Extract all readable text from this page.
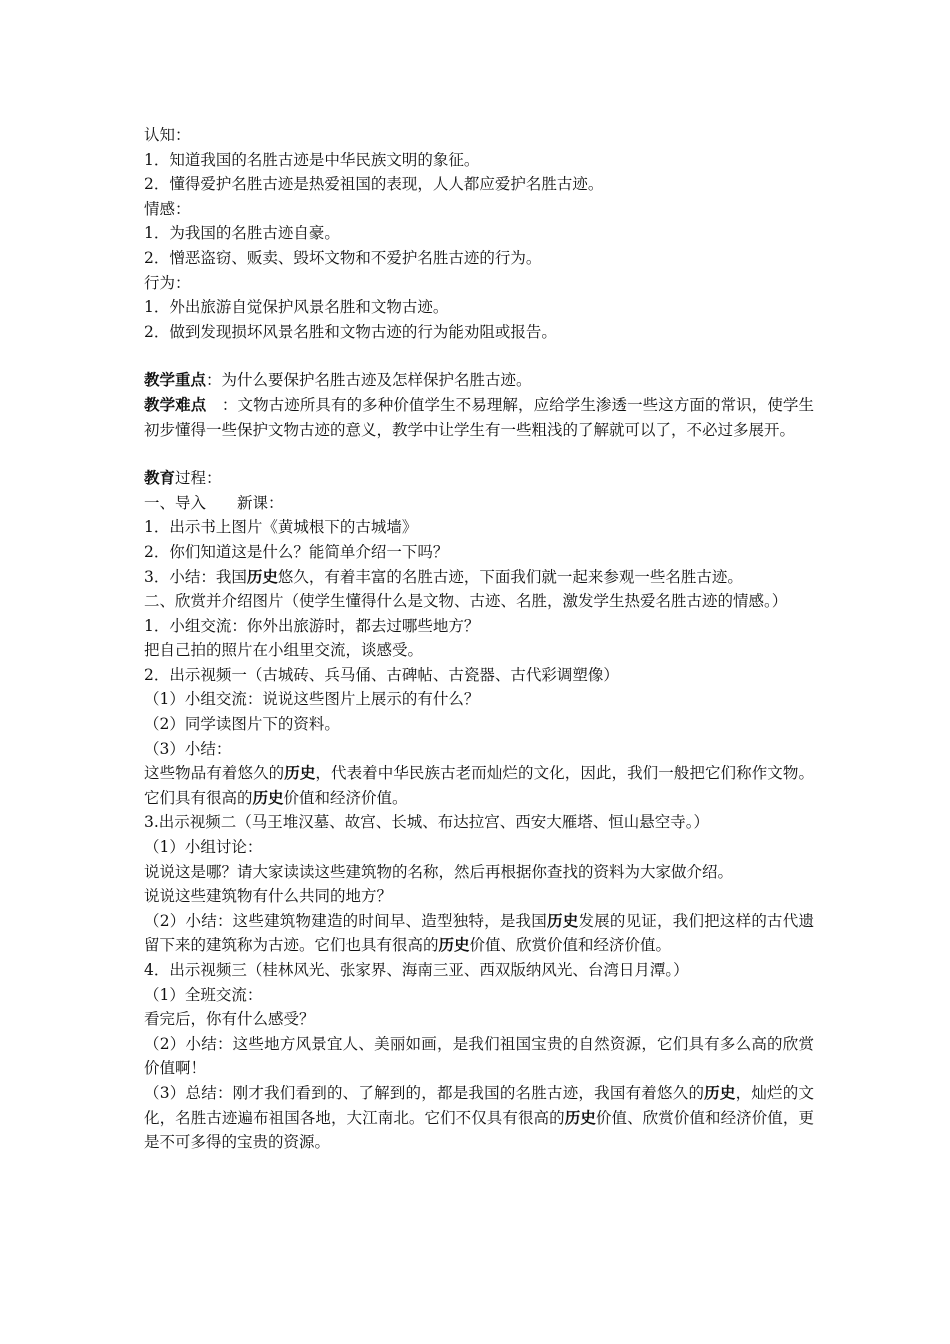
认知：
1．知道我国的名胜古迹是中华民族文明的象征。
2．懂得爱护名胜古迹是热爱祖国的表现，人人都应爱护名胜古迹。
情感：
1．为我国的名胜古迹自豪。
2．憎恶盗窃、贩卖、毁坏文物和不爱护名胜古迹的行为。
行为：
1．外出旅游自觉保护风景名胜和文物古迹。
2．做到发现损坏风景名胜和文物古迹的行为能劝阻或报告。
教学重点：为什么要保护名胜古迹及怎样保护名胜古迹。
教学难点　：文物古迹所具有的多种价值学生不易理解，应给学生渗透一些这方面的常识，使学生初步懂得一些保护文物古迹的意义，教学中让学生有一些粗浅的了解就可以了，不必过多展开。
教育过程：
一、导入　　新课：
1．出示书上图片《黄城根下的古城墙》
2．你们知道这是什么？能简单介绍一下吗？
3．小结：我国历史悠久，有着丰富的名胜古迹，下面我们就一起来参观一些名胜古迹。
二、欣赏并介绍图片（使学生懂得什么是文物、古迹、名胜，激发学生热爱名胜古迹的情感。）
1．小组交流：你外出旅游时，都去过哪些地方？
把自己拍的照片在小组里交流，谈感受。
2．出示视频一（古城砖、兵马俑、古碑帖、古瓷器、古代彩调塑像）
（1）小组交流：说说这些图片上展示的有什么？
（2）同学读图片下的资料。
（3）小结：
这些物品有着悠久的历史，代表着中华民族古老而灿烂的文化，因此，我们一般把它们称作文物。它们具有很高的历史价值和经济价值。
3.出示视频二（马王堆汉墓、故宫、长城、布达拉宫、西安大雁塔、恒山悬空寺。）
（1）小组讨论：
说说这是哪？请大家读读这些建筑物的名称，然后再根据你查找的资料为大家做介绍。
说说这些建筑物有什么共同的地方？
（2）小结：这些建筑物建造的时间早、造型独特，是我国历史发展的见证，我们把这样的古代遗留下来的建筑称为古迹。它们也具有很高的历史价值、欣赏价值和经济价值。
4．出示视频三（桂林风光、张家界、海南三亚、西双版纳风光、台湾日月潭。）
（1）全班交流：
看完后，你有什么感受？
（2）小结：这些地方风景宜人、美丽如画，是我们祖国宝贵的自然资源，它们具有多么高的欣赏价值啊！
（3）总结：刚才我们看到的、了解到的，都是我国的名胜古迹，我国有着悠久的历史，灿烂的文化，名胜古迹遍布祖国各地，大江南北。它们不仅具有很高的历史价值、欣赏价值和经济价值，更是不可多得的宝贵的资源。
